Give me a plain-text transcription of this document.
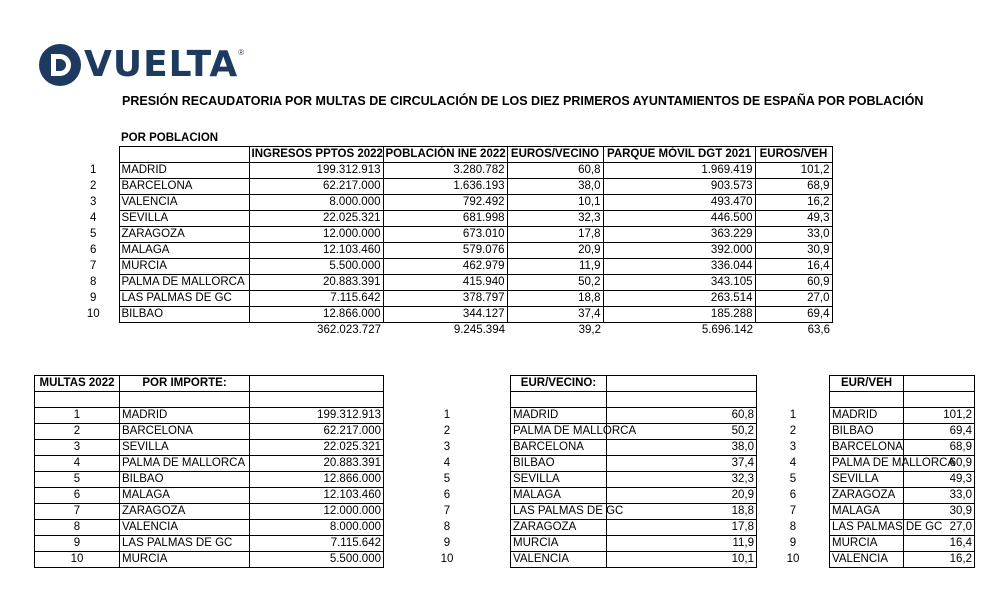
VUELTA ®
PRESIÓN RECAUDATORIA POR MULTAS DE CIRCULACIÓN DE LOS DIEZ PRIMEROS AYUNTAMIENTOS DE ESPAÑA POR POBLACIÓN
	POR POBLACION					
		INGRESOS PPTOS 2022	POBLACIÓN INE 2022	EUROS/VECINO	PARQUE MÓVIL DGT 2021	EUROS/VEH
1	MADRID	199.312.913	3.280.782	60,8	1.969.419	101,2
2	BARCELONA	62.217.000	1.636.193	38,0	903.573	68,9
3	VALENCIA	8.000.000	792.492	10,1	493.470	16,2
4	SEVILLA	22.025.321	681.998	32,3	446.500	49,3
5	ZARAGOZA	12.000.000	673.010	17,8	363.229	33,0
6	MALAGA	12.103.460	579.076	20,9	392.000	30,9
7	MURCIA	5.500.000	462.979	11,9	336.044	16,4
8	PALMA DE MALLORCA	20.883.391	415.940	50,2	343.105	60,9
9	LAS PALMAS DE GC	7.115.642	378.797	18,8	263.514	27,0
10	BILBAO	12.866.000	344.127	37,4	185.288	69,4
		362.023.727	9.245.394	39,2	5.696.142	63,6
MULTAS 2022	POR IMPORTE:			EUR/VECINO:			EUR/VEH	

1	MADRID	199.312.913	1	MADRID	60,8	1	MADRID	101,2
2	BARCELONA	62.217.000	2	PALMA DE MALLORCA	50,2	2	BILBAO	69,4
3	SEVILLA	22.025.321	3	BARCELONA	38,0	3	BARCELONA	68,9
4	PALMA DE MALLORCA	20.883.391	4	BILBAO	37,4	4	PALMA DE MALLORCA	60,9
5	BILBAO	12.866.000	5	SEVILLA	32,3	5	SEVILLA	49,3
6	MALAGA	12.103.460	6	MALAGA	20,9	6	ZARAGOZA	33,0
7	ZARAGOZA	12.000.000	7	LAS PALMAS DE GC	18,8	7	MALAGA	30,9
8	VALENCIA	8.000.000	8	ZARAGOZA	17,8	8	LAS PALMAS DE GC	27,0
9	LAS PALMAS DE GC	7.115.642	9	MURCIA	11,9	9	MURCIA	16,4
10	MURCIA	5.500.000	10	VALENCIA	10,1	10	VALENCIA	16,2
